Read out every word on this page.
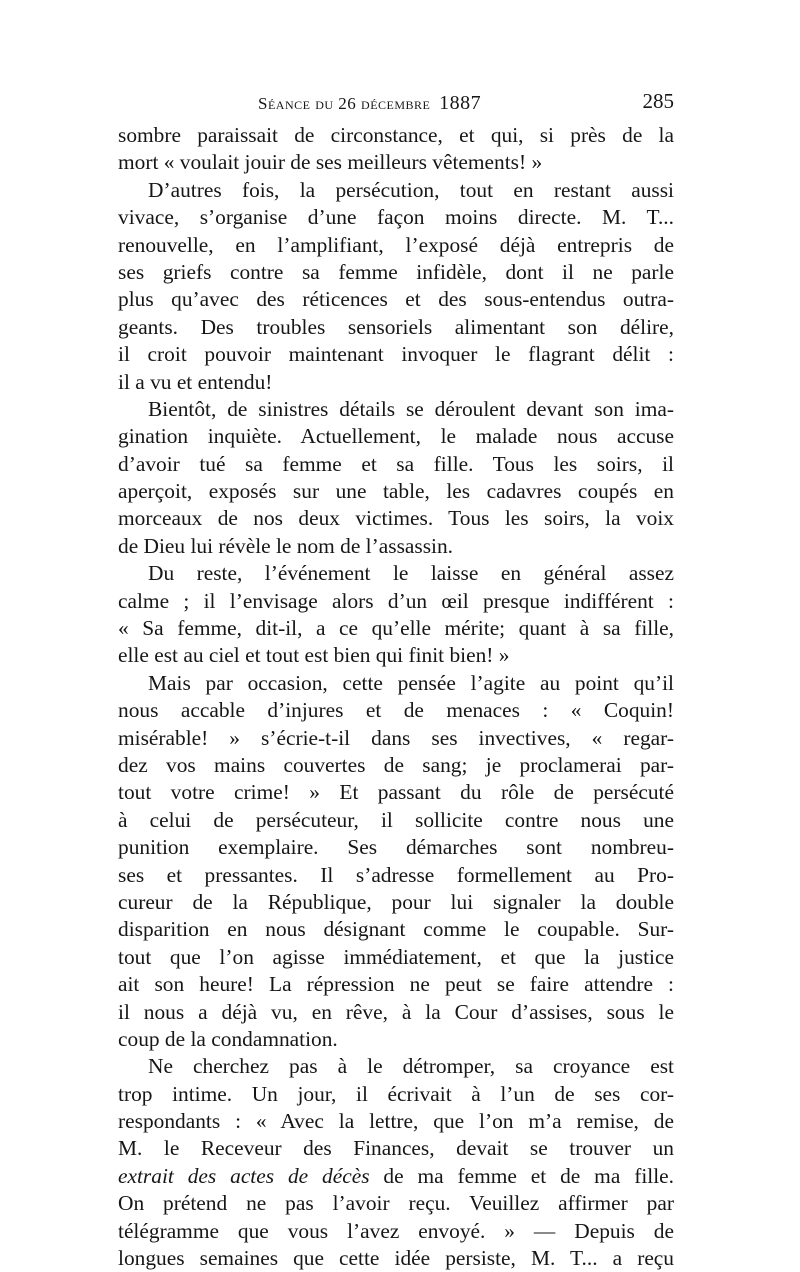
Séance du 26 décembre 1887	285
sombre paraissait de circonstance, et qui, si près de la
mort « voulait jouir de ses meilleurs vêtements! »
D’autres fois, la persécution, tout en restant aussi
vivace, s’organise d’une façon moins directe. M. T...
renouvelle, en l’amplifiant, l’exposé déjà entrepris de
ses griefs contre sa femme infidèle, dont il ne parle
plus qu’avec des réticences et des sous-entendus outra-
geants. Des troubles sensoriels alimentant son délire,
il croit pouvoir maintenant invoquer le flagrant délit :
il a vu et entendu!
Bientôt, de sinistres détails se déroulent devant son ima-
gination inquiète. Actuellement, le malade nous accuse
d’avoir tué sa femme et sa fille. Tous les soirs, il
aperçoit, exposés sur une table, les cadavres coupés en
morceaux de nos deux victimes. Tous les soirs, la voix
de Dieu lui révèle le nom de l’assassin.
Du reste, l’événement le laisse en général assez
calme ; il l’envisage alors d’un œil presque indifférent :
« Sa femme, dit-il, a ce qu’elle mérite; quant à sa fille,
elle est au ciel et tout est bien qui finit bien! »
Mais par occasion, cette pensée l’agite au point qu’il
nous accable d’injures et de menaces : « Coquin!
misérable! » s’écrie-t-il dans ses invectives, « regar-
dez vos mains couvertes de sang; je proclamerai par-
tout votre crime! » Et passant du rôle de persécuté
à celui de persécuteur, il sollicite contre nous une
punition exemplaire. Ses démarches sont nombreu-
ses et pressantes. Il s’adresse formellement au Pro-
cureur de la République, pour lui signaler la double
disparition en nous désignant comme le coupable. Sur-
tout que l’on agisse immédiatement, et que la justice
ait son heure! La répression ne peut se faire attendre :
il nous a déjà vu, en rêve, à la Cour d’assises, sous le
coup de la condamnation.
Ne cherchez pas à le détromper, sa croyance est
trop intime. Un jour, il écrivait à l’un de ses cor-
respondants : « Avec la lettre, que l’on m’a remise, de
M. le Receveur des Finances, devait se trouver un
extrait des actes de décès de ma femme et de ma fille.
On prétend ne pas l’avoir reçu. Veuillez affirmer par
télégramme que vous l’avez envoyé. » — Depuis de
longues semaines que cette idée persiste, M. T... a reçu
